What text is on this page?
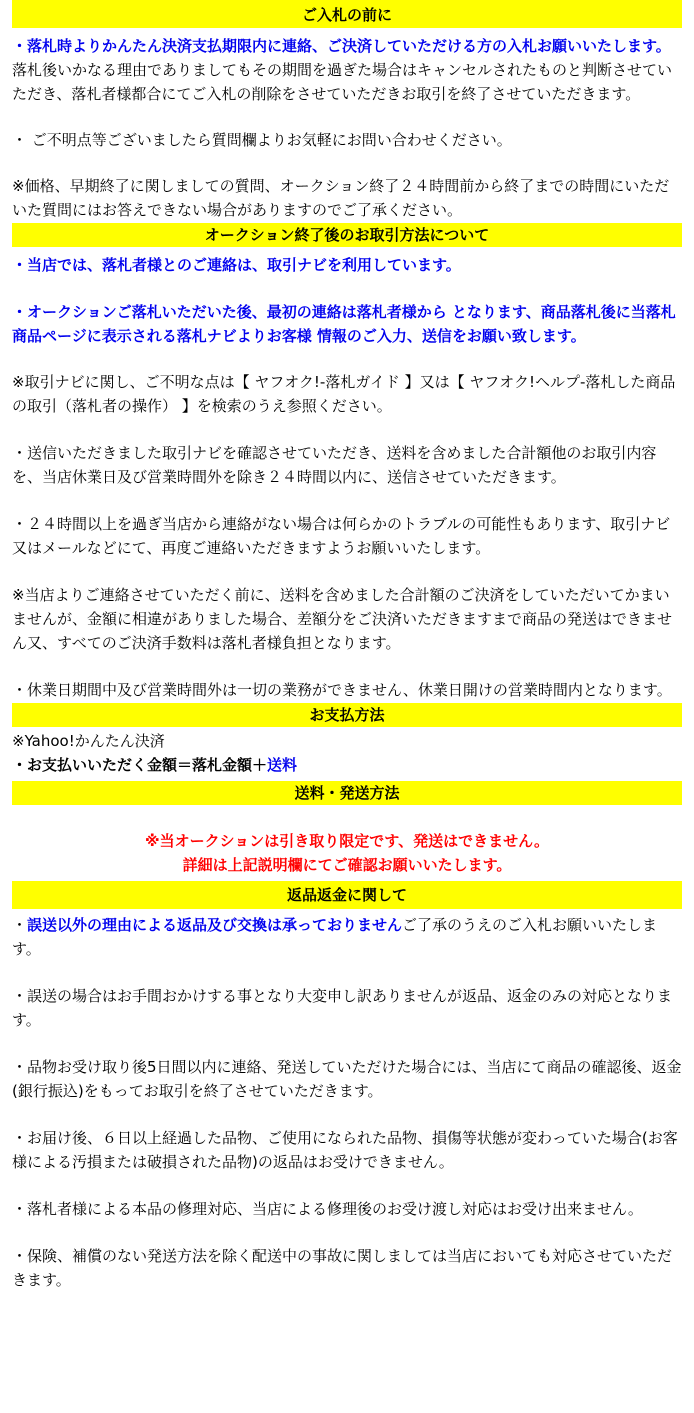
ご入札の前に

・落札時よりかんたん決済支払期限内に連絡、ご決済していただける方の入札お願いいたします。

落札後いかなる理由でありましてもその期間を過ぎた場合はキャンセルされたものと判断させていただき、落札者様都合にてご入札の削除をさせていただきお取引を終了させていただきます。

・ ご不明点等ございましたら質問欄よりお気軽にお問い合わせください。

※価格、早期終了に関しましての質問、オークション終了２４時間前から終了までの時間にいただいた質問にはお答えできない場合がありますのでご了承ください。

オークション終了後のお取引方法について

・当店では、落札者様とのご連絡は、取引ナビを利用しています。

・オークションご落札いただいた後、最初の連絡は落札者様から となります、商品落札後に当落札商品ページに表示される落札ナビよりお客様 情報のご入力、送信をお願い致します。

※取引ナビに関し、ご不明な点は【 ヤフオク!-落札ガイド 】又は【 ヤフオク!ヘルプ-落札した商品の取引（落札者の操作） 】を検索のうえ参照ください。

・送信いただきました取引ナビを確認させていただき、送料を含めました合計額他のお取引内容を、当店休業日及び営業時間外を除き２４時間以内に、送信させていただきます。

・２４時間以上を過ぎ当店から連絡がない場合は何らかのトラブルの可能性もあります、取引ナビ又はメールなどにて、再度ご連絡いただきますようお願いいたします。

※当店よりご連絡させていただく前に、送料を含めました合計額のご決済をしていただいてかまいませんが、金額に相違がありました場合、差額分をご決済いただきますまで商品の発送はできません又、すべてのご決済手数料は落札者様負担となります。

・休業日期間中及び営業時間外は一切の業務ができません、休業日開けの営業時間内となります。

お支払方法

※Yahoo!かんたん決済

・お支払いいただく金額＝落札金額＋送料

送料・発送方法

※当オークションは引き取り限定です、発送はできません。

詳細は上記説明欄にてご確認お願いいたします。

返品返金に関して

・誤送以外の理由による返品及び交換は承っておりませんご了承のうえのご入札お願いいたします。

・誤送の場合はお手間おかけする事となり大変申し訳ありませんが返品、返金のみの対応となります。

・品物お受け取り後5日間以内に連絡、発送していただけた場合には、当店にて商品の確認後、返金(銀行振込)をもってお取引を終了させていただきます。

・お届け後、６日以上経過した品物、ご使用になられた品物、損傷等状態が変わっていた場合(お客様による汚損または破損された品物)の返品はお受けできません。

・落札者様による本品の修理対応、当店による修理後のお受け渡し対応はお受け出来ません。

・保険、補償のない発送方法を除く配送中の事故に関しましては当店においても対応させていただきます。
